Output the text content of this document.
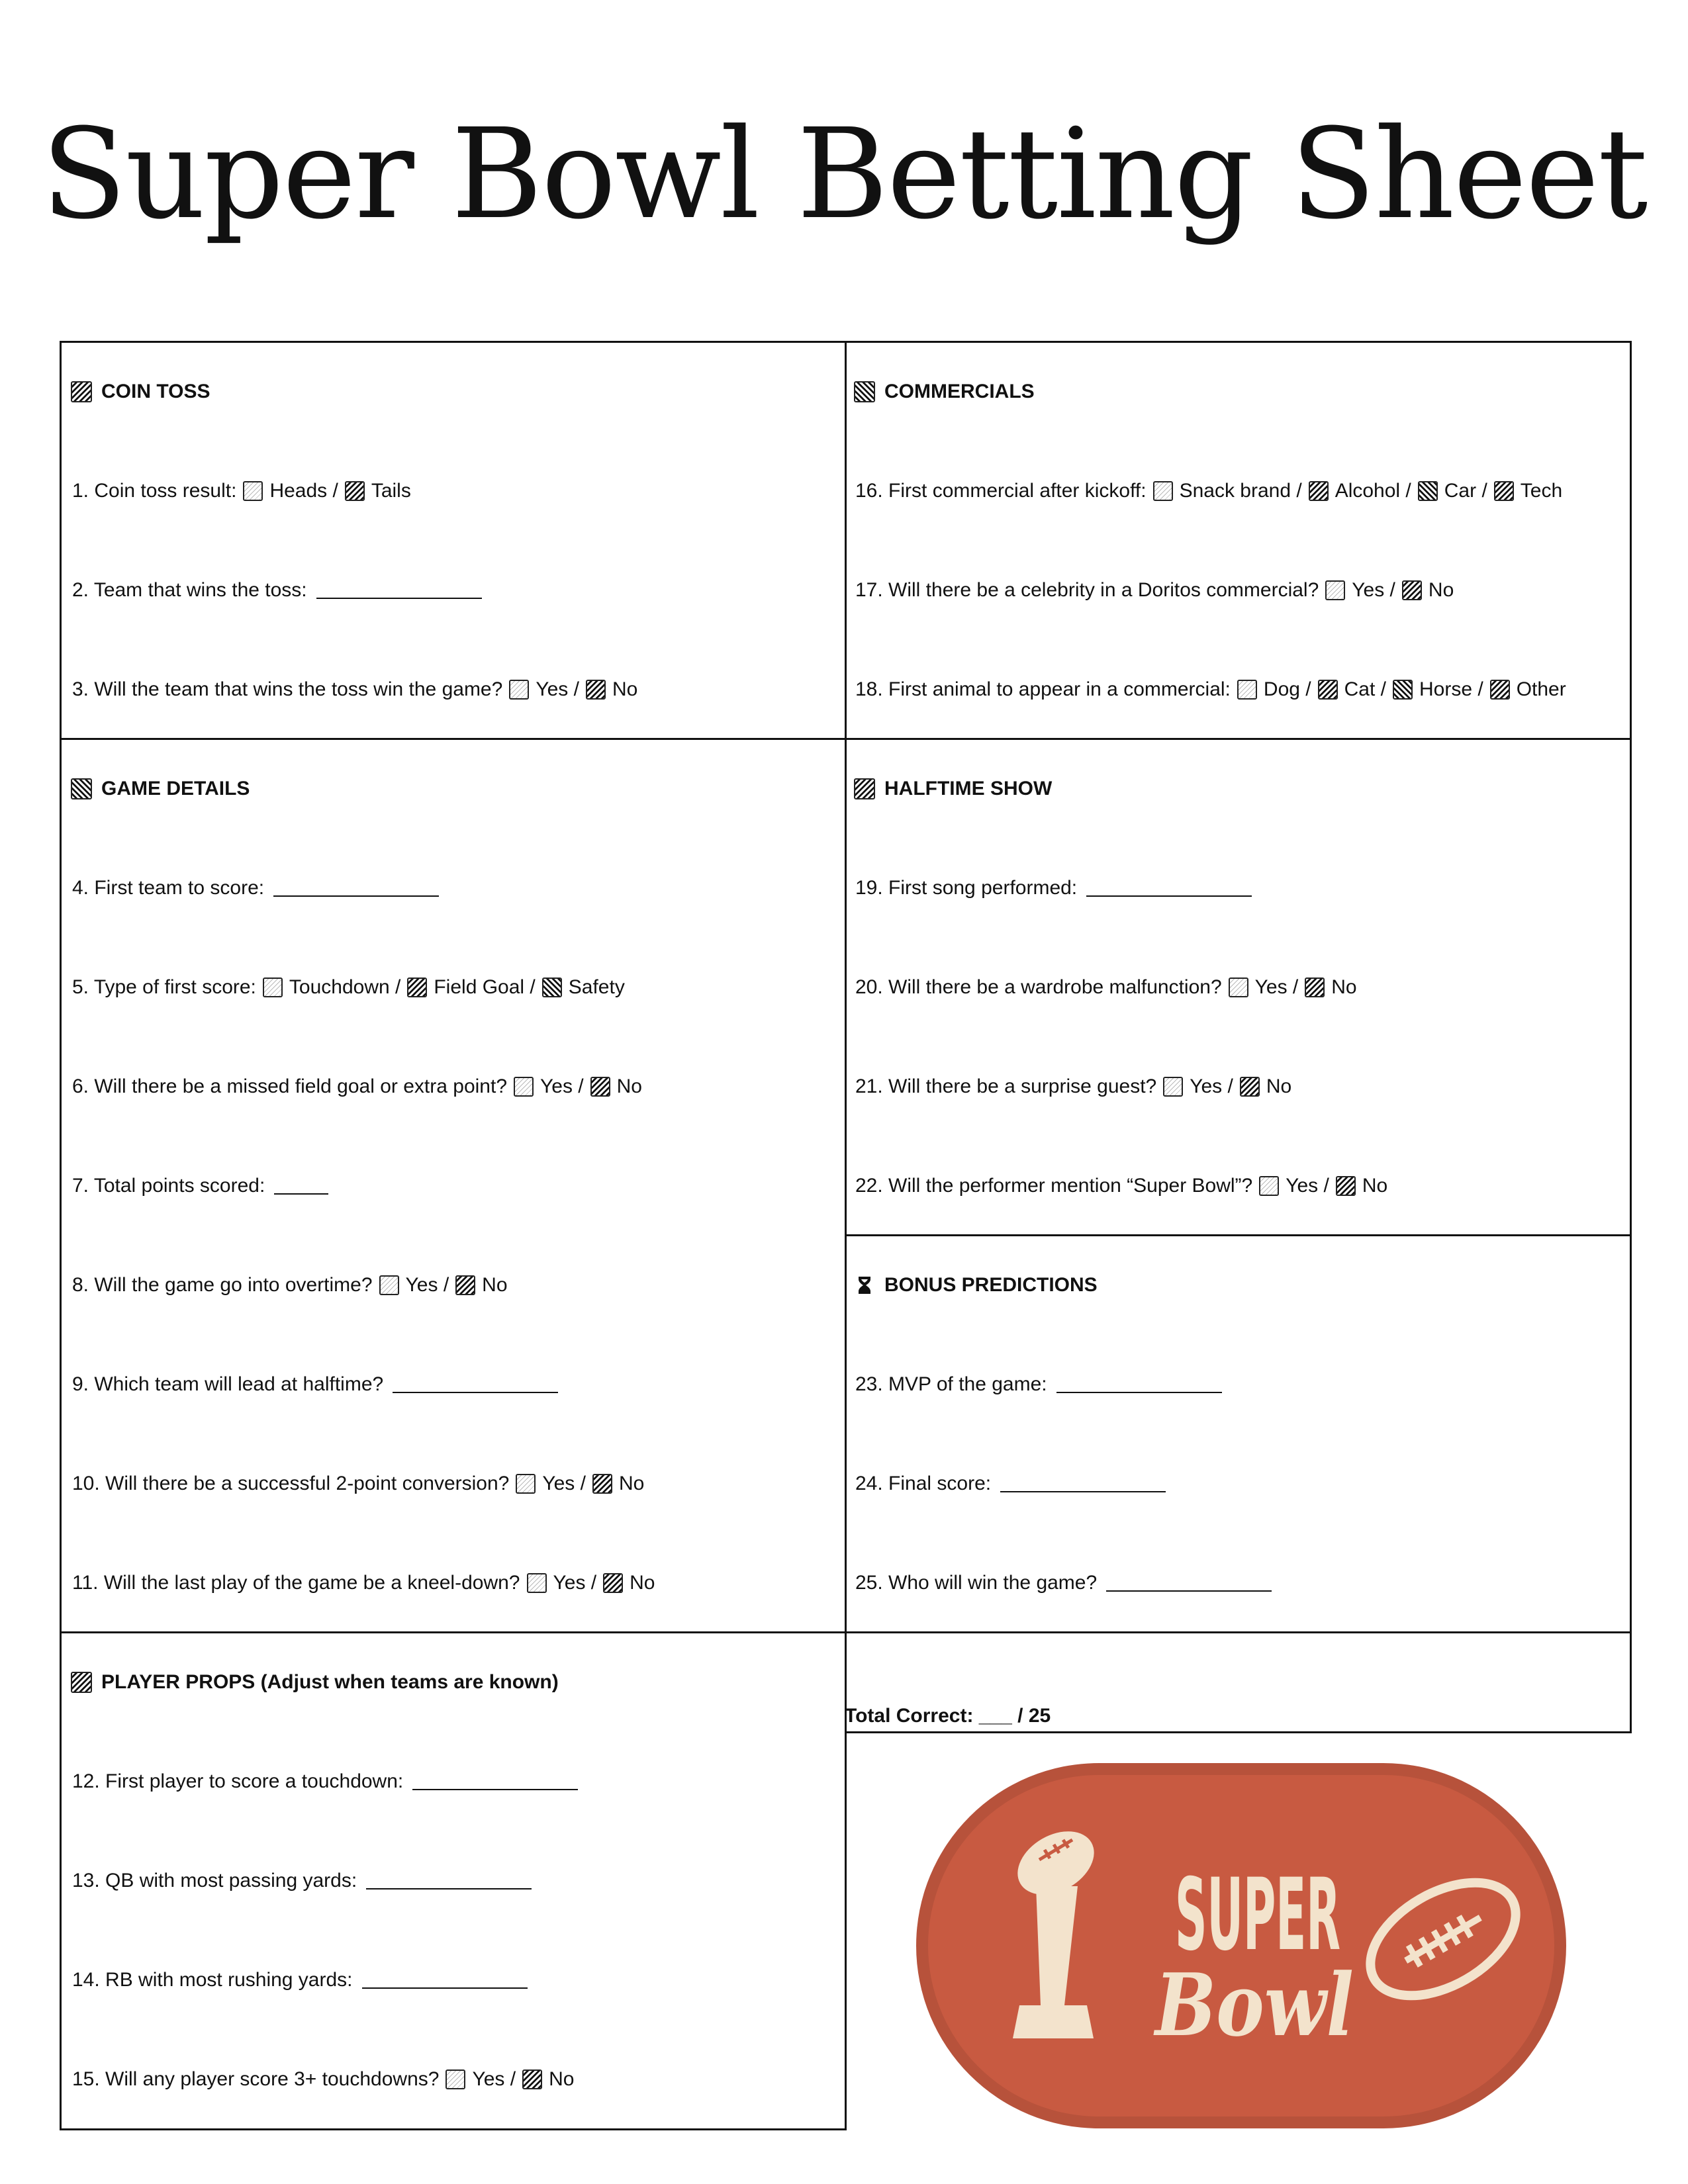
Super Bowl Betting Sheet
COIN TOSS
1. Coin toss result: Heads / Tails
2. Team that wins the toss:
3. Will the team that wins the toss win the game? Yes / No
COMMERCIALS
16. First commercial after kickoff: Snack brand / Alcohol / Car / Tech
17. Will there be a celebrity in a Doritos commercial? Yes / No
18. First animal to appear in a commercial: Dog / Cat / Horse / Other
GAME DETAILS
4. First team to score:
5. Type of first score: Touchdown / Field Goal / Safety
6. Will there be a missed field goal or extra point? Yes / No
7. Total points scored:
8. Will the game go into overtime? Yes / No
9. Which team will lead at halftime?
10. Will there be a successful 2-point conversion? Yes / No
11. Will the last play of the game be a kneel-down? Yes / No
HALFTIME SHOW
19. First song performed:
20. Will there be a wardrobe malfunction? Yes / No
21. Will there be a surprise guest? Yes / No
22. Will the performer mention “Super Bowl”? Yes / No
BONUS PREDICTIONS
23. MVP of the game:
24. Final score:
25. Who will win the game?
Total Correct: ___ / 25
PLAYER PROPS (Adjust when teams are known)
12. First player to score a touchdown:
13. QB with most passing yards:
14. RB with most rushing yards:
15. Will any player score 3+ touchdowns? Yes / No
SUPER
Bowl
